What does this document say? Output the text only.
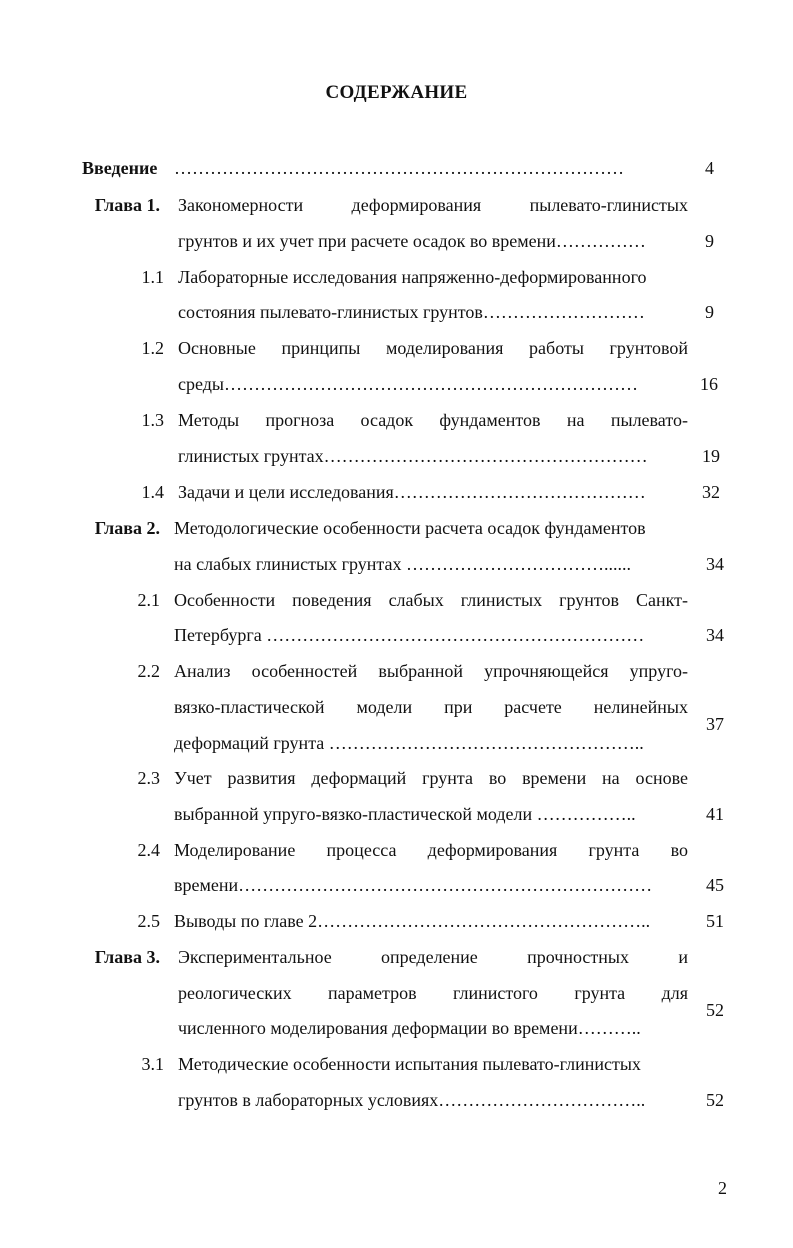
СОДЕРЖАНИЕ
Введение …………………………………………………………………	4
Глава 1. Закономерности	деформирования	пылевато-глинистых
грунтов и их учет при расчете осадок во времени……………	9
1.1 Лабораторные исследования напряженно-деформированного
состояния пылевато-глинистых грунтов………………………	9
1.2 Основные принципы моделирования работы грунтовой
среды……………………………………………………………	16
1.3 Методы прогноза осадок фундаментов на пылевато-
глинистых грунтах………………………………………………	19
1.4 Задачи и цели исследования……………………………………	32
Глава 2. Методологические особенности расчета осадок фундаментов
на слабых глинистых грунтах ……………………………......	34
2.1 Особенности поведения слабых глинистых грунтов Санкт-
Петербурга ………………………………………………………	34
2.2 Анализ особенностей выбранной упрочняющейся упруго-
вязко-пластической модели при расчете нелинейных
деформаций грунта ……………………………………………..
37
2.3 Учет развития деформаций грунта во времени на основе
выбранной упруго-вязко-пластической модели ……………..	41
2.4 Моделирование процесса деформирования грунта во
времени……………………………………………………………	45
2.5 Выводы по главе 2………………………………………………..	51
Глава 3. Экспериментальное	определение	прочностных	и
реологических параметров глинистого грунта для
численного моделирования деформации во времени………..
52
3.1 Методические особенности испытания пылевато-глинистых
грунтов в лабораторных условиях……………………………..	52
2
